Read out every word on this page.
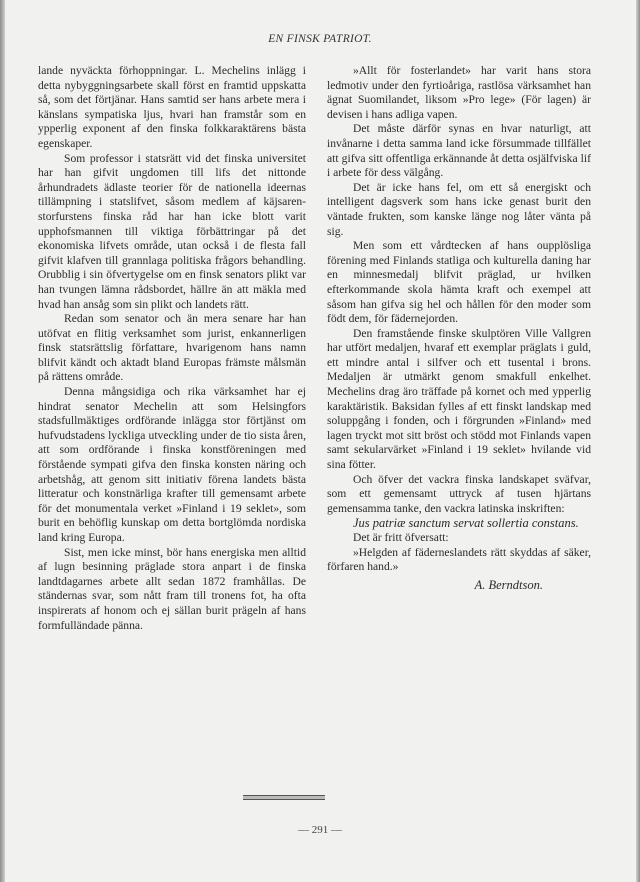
EN FINSK PATRIOT.

lande nyväckta förhoppningar. L. Mechelins inlägg i detta nybyggningsarbete skall först en framtid uppskatta så, som det förtjänar. Hans samtid ser hans arbete mera i känslans sympatiska ljus, hvari han framstår som en ypperlig exponent af den finska folkkaraktärens bästa egenskaper.

Som professor i statsrätt vid det finska universitet har han gifvit ungdomen till lifs det nittonde århundradets ädlaste teorier för de nationella ideernas tillämpning i statslifvet, såsom medlem af käjsaren-storfurstens finska råd har han icke blott varit upphofsmannen till viktiga förbättringar på det ekonomiska lifvets område, utan också i de flesta fall gifvit klafven till grannlaga politiska frågors behandling. Orubblig i sin öfvertygelse om en finsk senators plikt var han tvungen lämna rådsbordet, hällre än att mäkla med hvad han ansåg som sin plikt och landets rätt.

Redan som senator och än mera senare har han utöfvat en flitig verksamhet som jurist, enkannerligen finsk statsrättslig författare, hvarigenom hans namn blifvit kändt och aktadt bland Europas främste målsmän på rättens område.

Denna mångsidiga och rika värksamhet har ej hindrat senator Mechelin att som Helsingfors stadsfullmäktiges ordförande inlägga stor förtjänst om hufvudstadens lyckliga utveckling under de tio sista åren, att som ordförande i finska konstföreningen med förstående sympati gifva den finska konsten näring och arbetshåg, att genom sitt initiativ förena landets bästa litteratur och konstnärliga krafter till gemensamt arbete för det monumentala verket »Finland i 19 seklet», som burit en behöflig kunskap om detta bortglömda nordiska land kring Europa.

Sist, men icke minst, bör hans energiska men alltid af lugn besinning präglade stora anpart i de finska landtdagarnes arbete allt sedan 1872 framhållas. De ständernas svar, som nått fram till tronens fot, ha ofta inspirerats af honom och ej sällan burit prägeln af hans formfulländade pänna.

»Allt för fosterlandet» har varit hans stora ledmotiv under den fyrtioåriga, rastlösa värksamhet han ägnat Suomilandet, liksom »Pro lege» (För lagen) är devisen i hans adliga vapen.

Det måste därför synas en hvar naturligt, att invånarne i detta samma land icke försummade tillfället att gifva sitt offentliga erkännande åt detta osjälfviska lif i arbete för dess välgång.

Det är icke hans fel, om ett så energiskt och intelligent dagsverk som hans icke genast burit den väntade frukten, som kanske länge nog låter vänta på sig.

Men som ett vårdtecken af hans oupplösliga förening med Finlands statliga och kulturella daning har en minnesmedalj blifvit präglad, ur hvilken efterkommande skola hämta kraft och exempel att såsom han gifva sig hel och hållen för den moder som födt dem, för fädernejorden.

Den framstående finske skulptören Ville Vallgren har utfört medaljen, hvaraf ett exemplar präglats i guld, ett mindre antal i silfver och ett tusental i brons. Medaljen är utmärkt genom smakfull enkelhet. Mechelins drag äro träffade på kornet och med ypperlig karaktäristik. Baksidan fylles af ett finskt landskap med soluppgång i fonden, och i förgrunden »Finland» med lagen tryckt mot sitt bröst och stödd mot Finlands vapen samt sekularvärket »Finland i 19 seklet» hvilande vid sina fötter.

Och öfver det vackra finska landskapet sväfvar, som ett gemensamt uttryck af tusen hjärtans gemensamma tanke, den vackra latinska inskriften:

Jus patriæ sanctum servat sollertia constans.

Det är fritt öfversatt:

»Helgden af fäderneslandets rätt skyddas af säker, förfaren hand.»

A. Berndtson.

— 291 —
